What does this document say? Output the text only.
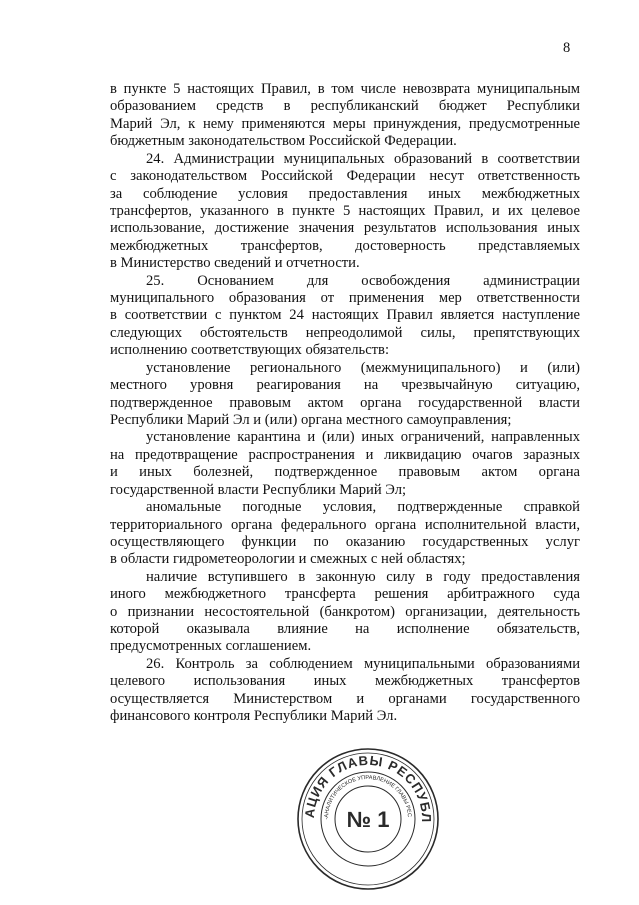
8
в пункте 5 настоящих Правил, в том числе невозврата муниципальным
образованием средств в республиканский бюджет Республики
Марий Эл, к нему применяются меры принуждения, предусмотренные
бюджетным законодательством Российской Федерации.
24. Администрации муниципальных образований в соответствии
с законодательством Российской Федерации несут ответственность
за соблюдение условия предоставления иных межбюджетных
трансфертов, указанного в пункте 5 настоящих Правил, и их целевое
использование, достижение значения результатов использования иных
межбюджетных трансфертов, достоверность представляемых
в Министерство сведений и отчетности.
25. Основанием для освобождения администрации
муниципального образования от применения мер ответственности
в соответствии с пунктом 24 настоящих Правил является наступление
следующих обстоятельств непреодолимой силы, препятствующих
исполнению соответствующих обязательств:
установление регионального (межмуниципального) и (или)
местного уровня реагирования на чрезвычайную ситуацию,
подтвержденное правовым актом органа государственной власти
Республики Марий Эл и (или) органа местного самоуправления;
установление карантина и (или) иных ограничений, направленных
на предотвращение распространения и ликвидацию очагов заразных
и иных болезней, подтвержденное правовым актом органа
государственной власти Республики Марий Эл;
аномальные погодные условия, подтвержденные справкой
территориального органа федерального органа исполнительной власти,
осуществляющего функции по оказанию государственных услуг
в области гидрометеорологии и смежных с ней областях;
наличие вступившего в законную силу в году предоставления
иного межбюджетного трансферта решения арбитражного суда
о признании несостоятельной (банкротом) организации, деятельность
которой оказывала влияние на исполнение обязательств,
предусмотренных соглашением.
26. Контроль за соблюдением муниципальными образованиями
целевого использования иных межбюджетных трансфертов
осуществляется Министерством и органами государственного
финансового контроля Республики Марий Эл.
АЦИЯ ГЛАВЫ РЕСПУБЛ
-АНАЛИТИЧЕСКОЕ УПРАВЛЕНИЕ ГЛАВЫ РЕС
№ 1
